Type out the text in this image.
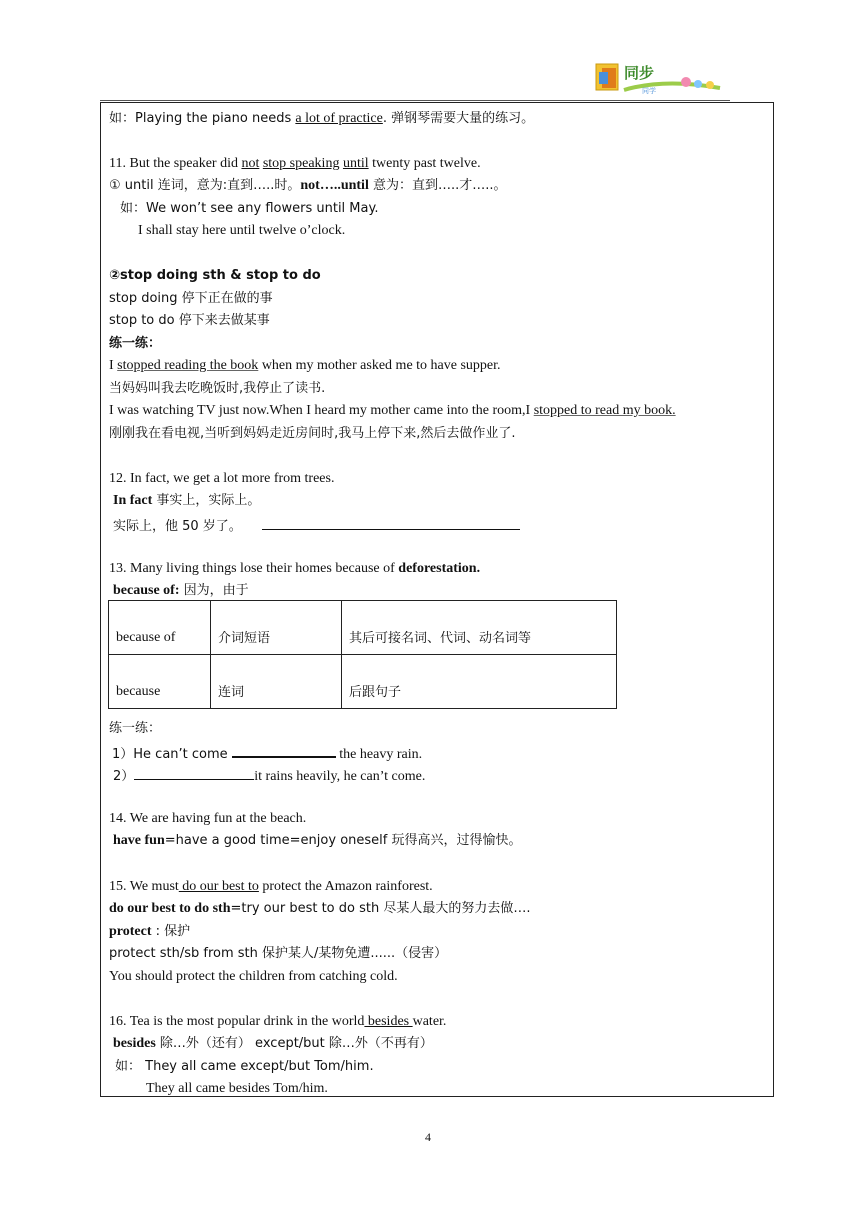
同步
同学
如：Playing the piano needs a lot of practice. 弹钢琴需要大量的练习。
11. But the speaker did not stop speaking until twenty past twelve.
① until 连词，意为:直到…..时。not…..until 意为：直到…..才…..。
如：We won’t see any flowers until May.
I shall stay here until twelve o’clock.
②stop doing sth & stop to do
stop doing 停下正在做的事
stop to do 停下来去做某事
练一练：
I stopped reading the book when my mother asked me to have supper.
当妈妈叫我去吃晚饭时,我停止了读书.
I was watching TV just now.When I heard my mother came into the room,I stopped to read my book.
刚刚我在看电视,当听到妈妈走近房间时,我马上停下来,然后去做作业了.
12. In fact, we get a lot more from trees.
In fact 事实上，实际上。
实际上，他 50 岁了。
13. Many living things lose their homes because of deforestation.
because of: 因为，由于
because of	介词短语	其后可接名词、代词、动名词等
because	连词	后跟句子
练一练：
1）He can’t come	the heavy rain.
2）	it rains heavily, he can’t come.
14. We are having fun at the beach.
have fun=have a good time=enjoy oneself 玩得高兴，过得愉快。
15. We must do our best to protect the Amazon rainforest.
do our best to do sth=try our best to do sth 尽某人最大的努力去做….
protect : 保护
protect sth/sb from sth 保护某人/某物免遭......（侵害）
You should protect the children from catching cold.
16. Tea is the most popular drink in the world besides water.
besides 除…外（还有） except/but 除…外（不再有）
如： They all came except/but Tom/him.
They all came besides Tom/him.
4
